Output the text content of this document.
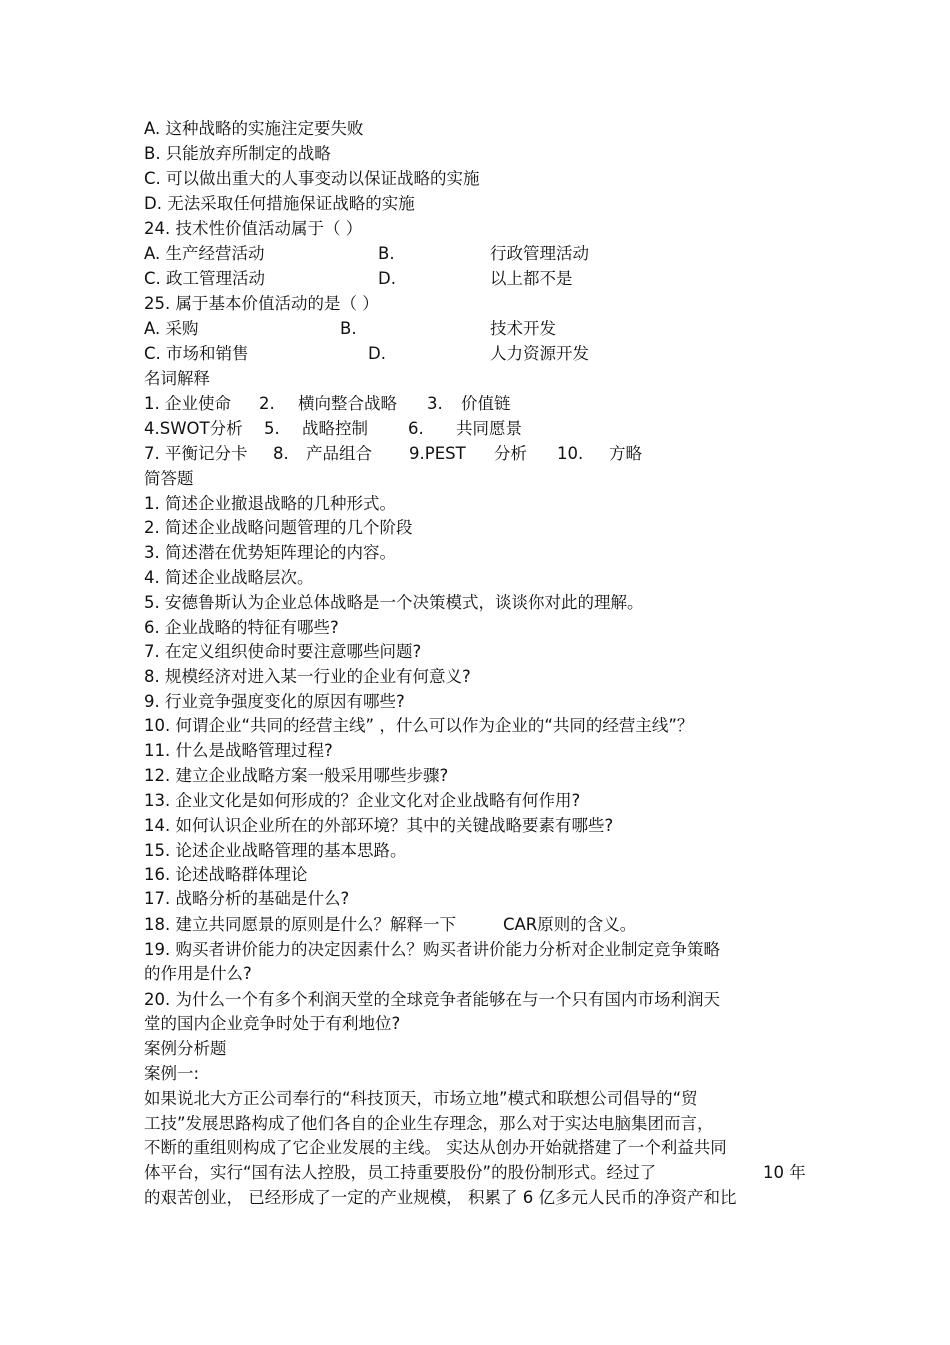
A. 这种战略的实施注定要失败
B. 只能放弃所制定的战略
C. 可以做出重大的人事变动以保证战略的实施
D. 无法采取任何措施保证战略的实施
24. 技术性价值活动属于（ ）
A. 生产经营活动	B.	行政管理活动
C. 政工管理活动	D.	以上都不是
25. 属于基本价值活动的是（ ）
A. 采购	B.	技术开发
C. 市场和销售	D.	人力资源开发
名词解释
1. 企业使命 2. 横向整合战略 3. 价值链
4.SWOT分析 5. 战略控制 6. 共同愿景
7. 平衡记分卡 8. 产品组合 9.PEST 分析 10. 方略
简答题
1. 简述企业撤退战略的几种形式。
2. 简述企业战略问题管理的几个阶段
3. 简述潜在优势矩阵理论的内容。
4. 简述企业战略层次。
5. 安德鲁斯认为企业总体战略是一个决策模式，谈谈你对此的理解。
6. 企业战略的特征有哪些?
7. 在定义组织使命时要注意哪些问题?
8. 规模经济对进入某一行业的企业有何意义?
9. 行业竞争强度变化的原因有哪些?
10. 何谓企业“共同的经营主线” ，什么可以作为企业的“共同的经营主线”？
11. 什么是战略管理过程?
12. 建立企业战略方案一般采用哪些步骤?
13. 企业文化是如何形成的？企业文化对企业战略有何作用?
14. 如何认识企业所在的外部环境？其中的关键战略要素有哪些?
15. 论述企业战略管理的基本思路。
16. 论述战略群体理论
17. 战略分析的基础是什么?
18. 建立共同愿景的原则是什么？解释一下	CAR原则的含义。
19. 购买者讲价能力的决定因素什么？购买者讲价能力分析对企业制定竞争策略
的作用是什么?
20. 为什么一个有多个利润天堂的全球竞争者能够在与一个只有国内市场利润天
堂的国内企业竞争时处于有利地位?
案例分析题
案例一:
如果说北大方正公司奉行的“科技顶天，市场立地”模式和联想公司倡导的“贸
工技”发展思路构成了他们各自的企业生存理念，那么对于实达电脑集团而言，
不断的重组则构成了它企业发展的主线。 实达从创办开始就搭建了一个利益共同
体平台，实行“国有法人控股，员工持重要股份”的股份制形式。经过了	10 年
的艰苦创业， 已经形成了一定的产业规模， 积累了 6 亿多元人民币的净资产和比
